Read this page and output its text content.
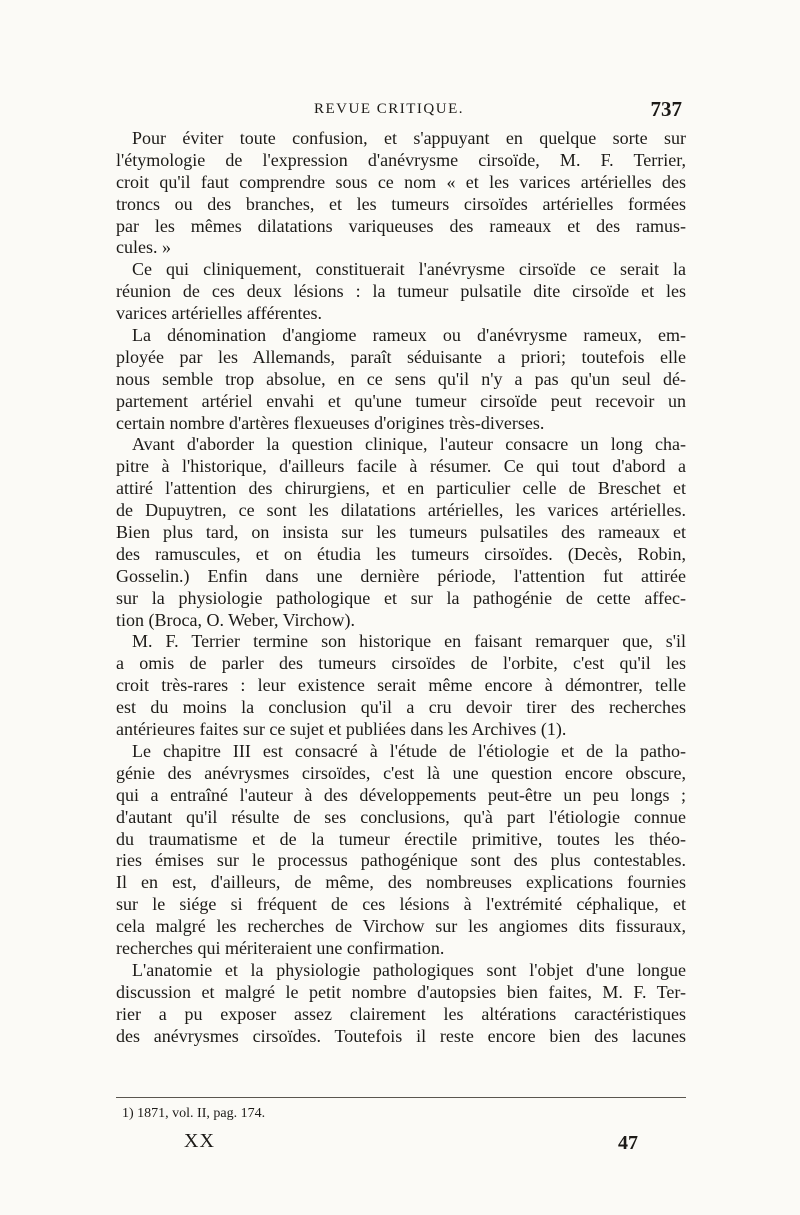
REVUE CRITIQUE.	737
Pour éviter toute confusion, et s'appuyant en quelque sorte sur
l'étymologie de l'expression d'anévrysme cirsoïde, M. F. Terrier,
croit qu'il faut comprendre sous ce nom « et les varices artérielles des
troncs ou des branches, et les tumeurs cirsoïdes artérielles formées
par les mêmes dilatations variqueuses des rameaux et des ramus-
cules. »
Ce qui cliniquement, constituerait l'anévrysme cirsoïde ce serait la
réunion de ces deux lésions : la tumeur pulsatile dite cirsoïde et les
varices artérielles afférentes.
La dénomination d'angiome rameux ou d'anévrysme rameux, em-
ployée par les Allemands, paraît séduisante a priori; toutefois elle
nous semble trop absolue, en ce sens qu'il n'y a pas qu'un seul dé-
partement artériel envahi et qu'une tumeur cirsoïde peut recevoir un
certain nombre d'artères flexueuses d'origines très-diverses.
Avant d'aborder la question clinique, l'auteur consacre un long cha-
pitre à l'historique, d'ailleurs facile à résumer. Ce qui tout d'abord a
attiré l'attention des chirurgiens, et en particulier celle de Breschet et
de Dupuytren, ce sont les dilatations artérielles, les varices artérielles.
Bien plus tard, on insista sur les tumeurs pulsatiles des rameaux et
des ramuscules, et on étudia les tumeurs cirsoïdes. (Decès, Robin,
Gosselin.) Enfin dans une dernière période, l'attention fut attirée
sur la physiologie pathologique et sur la pathogénie de cette affec-
tion (Broca, O. Weber, Virchow).
M. F. Terrier termine son historique en faisant remarquer que, s'il
a omis de parler des tumeurs cirsoïdes de l'orbite, c'est qu'il les
croit très-rares : leur existence serait même encore à démontrer, telle
est du moins la conclusion qu'il a cru devoir tirer des recherches
antérieures faites sur ce sujet et publiées dans les Archives (1).
Le chapitre III est consacré à l'étude de l'étiologie et de la patho-
génie des anévrysmes cirsoïdes, c'est là une question encore obscure,
qui a entraîné l'auteur à des développements peut-être un peu longs ;
d'autant qu'il résulte de ses conclusions, qu'à part l'étiologie connue
du traumatisme et de la tumeur érectile primitive, toutes les théo-
ries émises sur le processus pathogénique sont des plus contestables.
Il en est, d'ailleurs, de même, des nombreuses explications fournies
sur le siége si fréquent de ces lésions à l'extrémité céphalique, et
cela malgré les recherches de Virchow sur les angiomes dits fissuraux,
recherches qui mériteraient une confirmation.
L'anatomie et la physiologie pathologiques sont l'objet d'une longue
discussion et malgré le petit nombre d'autopsies bien faites, M. F. Ter-
rier a pu exposer assez clairement les altérations caractéristiques
des anévrysmes cirsoïdes. Toutefois il reste encore bien des lacunes
1) 1871, vol. II, pag. 174.
XX	47
